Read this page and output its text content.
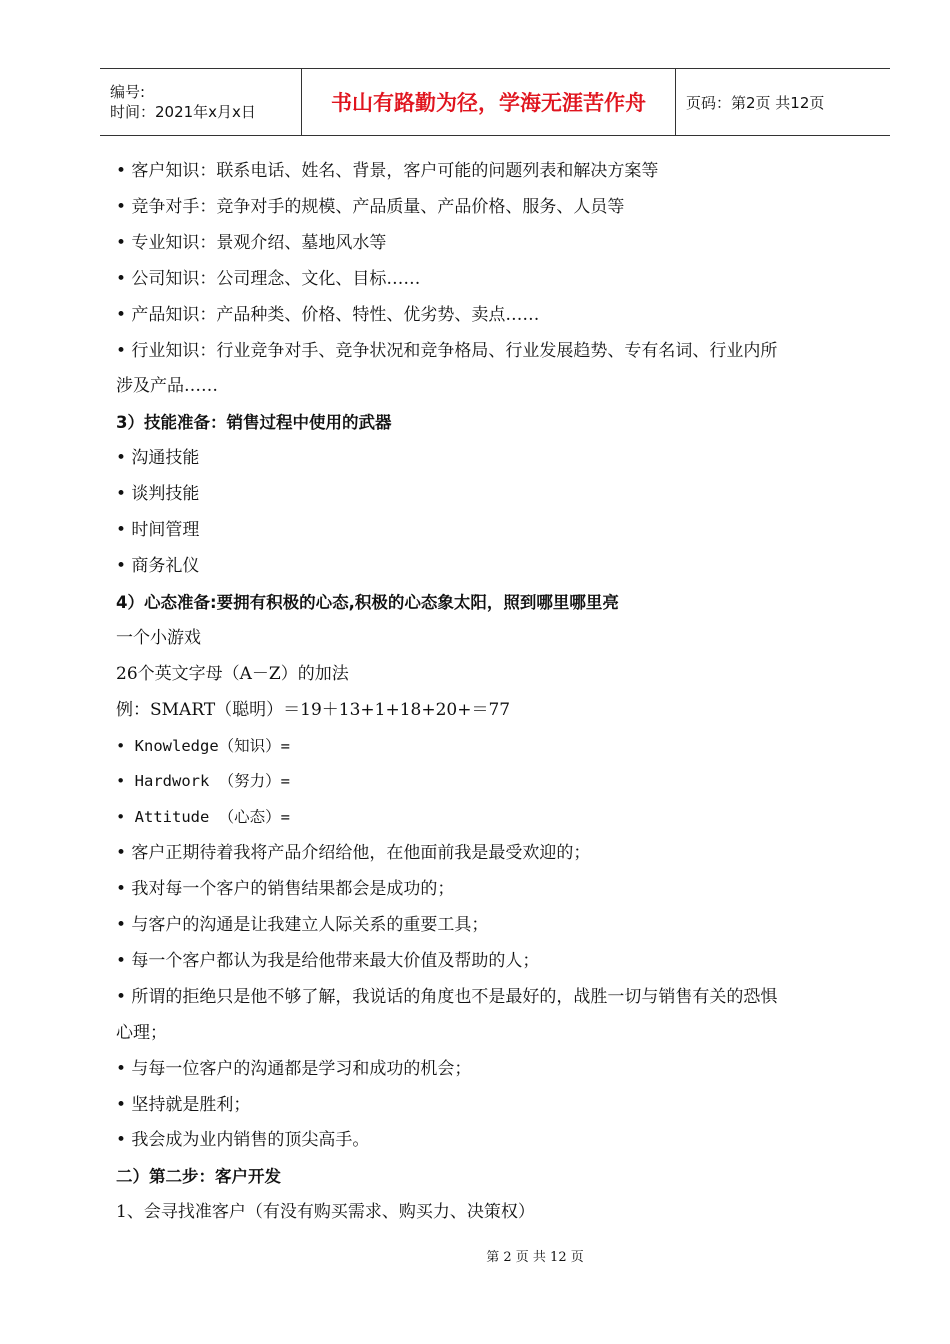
编号:
时间：2021年x月x日	书山有路勤为径，学海无涯苦作舟	页码：第2页 共12页
• 客户知识：联系电话、姓名、背景，客户可能的问题列表和解决方案等
• 竞争对手：竞争对手的规模、产品质量、产品价格、服务、人员等
• 专业知识：景观介绍、墓地风水等
• 公司知识：公司理念、文化、目标……
• 产品知识：产品种类、价格、特性、优劣势、卖点……
• 行业知识：行业竞争对手、竞争状况和竞争格局、行业发展趋势、专有名词、行业内所
涉及产品……
3）技能准备：销售过程中使用的武器
• 沟通技能
• 谈判技能
• 时间管理
• 商务礼仪
4）心态准备:要拥有积极的心态,积极的心态象太阳，照到哪里哪里亮
一个小游戏
26个英文字母（A－Z）的加法
例：SMART（聪明）＝19＋13+1+18+20+＝77
• Knowledge（知识）=
• Hardwork （努力）=
• Attitude （心态）=
• 客户正期待着我将产品介绍给他，在他面前我是最受欢迎的；
• 我对每一个客户的销售结果都会是成功的；
• 与客户的沟通是让我建立人际关系的重要工具；
• 每一个客户都认为我是给他带来最大价值及帮助的人；
• 所谓的拒绝只是他不够了解，我说话的角度也不是最好的，战胜一切与销售有关的恐惧
心理；
• 与每一位客户的沟通都是学习和成功的机会；
• 坚持就是胜利；
• 我会成为业内销售的顶尖高手。
二）第二步：客户开发
1、会寻找准客户（有没有购买需求、购买力、决策权）
第 2 页 共 12 页
